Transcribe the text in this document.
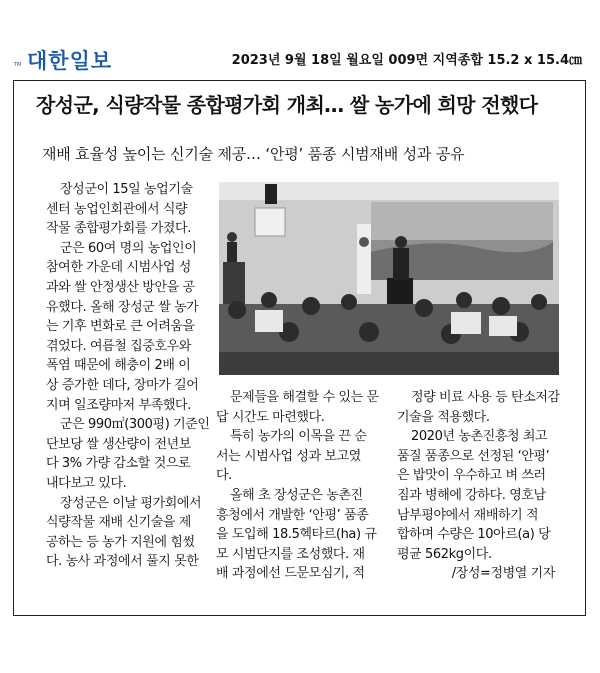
TM 대한일보	2023년 9월 18일 월요일 009면 지역종합 15.2 x 15.4㎝
장성군, 식량작물 종합평가회 개최… 쌀 농가에 희망 전했다
재배 효율성 높이는 신기술 제공… ‘안평’ 품종 시범재배 성과 공유

장성군이 15일 농업기술
센터 농업인회관에서 식량
작물 종합평가회를 가졌다.

군은 60여 명의 농업인이
참여한 가운데 시범사업 성
과와 쌀 안정생산 방안을 공
유했다. 올해 장성군 쌀 농가
는 기후 변화로 큰 어려움을
겪었다. 여름철 집중호우와
폭염 때문에 해충이 2배 이
상 증가한 데다, 장마가 길어
지며 일조량마저 부족했다.

군은 990㎡(300평) 기준인
단보당 쌀 생산량이 전년보
다 3% 가량 감소할 것으로
내다보고 있다.

장성군은 이날 평가회에서
식량작물 재배 신기술을 제
공하는 등 농가 지원에 힘썼
다. 농사 과정에서 풀지 못한

문제들을 해결할 수 있는 문
답 시간도 마련했다.

특히 농가의 이목을 끈 순
서는 시범사업 성과 보고였
다.

올해 초 장성군은 농촌진
흥청에서 개발한 ‘안평’ 품종
을 도입해 18.5헥타르(ha) 규
모 시범단지를 조성했다. 재
배 과정에선 드문모심기, 적

정량 비료 사용 등 탄소저감
기술을 적용했다.

2020년 농촌진흥청 최고
품질 품종으로 선정된 ‘안평’
은 밥맛이 우수하고 벼 쓰러
짐과 병해에 강하다. 영호남
남부평야에서 재배하기 적
합하며 수량은 10아르(a) 당
평균 562kg이다.

/장성=정병열 기자
